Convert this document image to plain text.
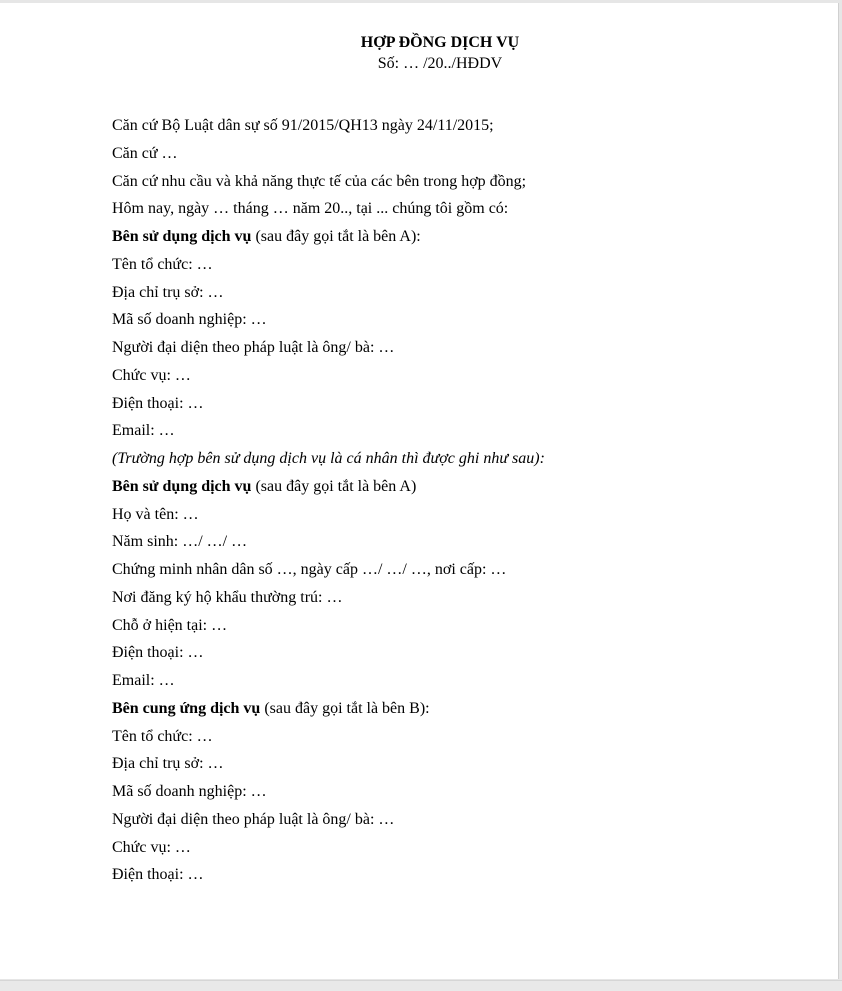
HỢP ĐỒNG DỊCH VỤ
Số: … /20../HĐDV
Căn cứ Bộ Luật dân sự số 91/2015/QH13 ngày 24/11/2015;
Căn cứ …
Căn cứ nhu cầu và khả năng thực tế của các bên trong hợp đồng;
Hôm nay, ngày … tháng … năm 20.., tại ... chúng tôi gồm có:
Bên sử dụng dịch vụ (sau đây gọi tắt là bên A):
Tên tổ chức: …
Địa chỉ trụ sở: …
Mã số doanh nghiệp: …
Người đại diện theo pháp luật là ông/ bà: …
Chức vụ: …
Điện thoại: …
Email: …
(Trường hợp bên sử dụng dịch vụ là cá nhân thì được ghi như sau):
Bên sử dụng dịch vụ (sau đây gọi tắt là bên A)
Họ và tên: …
Năm sinh: …/ …/ …
Chứng minh nhân dân số …, ngày cấp …/ …/ …, nơi cấp: …
Nơi đăng ký hộ khẩu thường trú: …
Chỗ ở hiện tại: …
Điện thoại: …
Email: …
Bên cung ứng dịch vụ (sau đây gọi tắt là bên B):
Tên tổ chức: …
Địa chỉ trụ sở: …
Mã số doanh nghiệp: …
Người đại diện theo pháp luật là ông/ bà: …
Chức vụ: …
Điện thoại: …
